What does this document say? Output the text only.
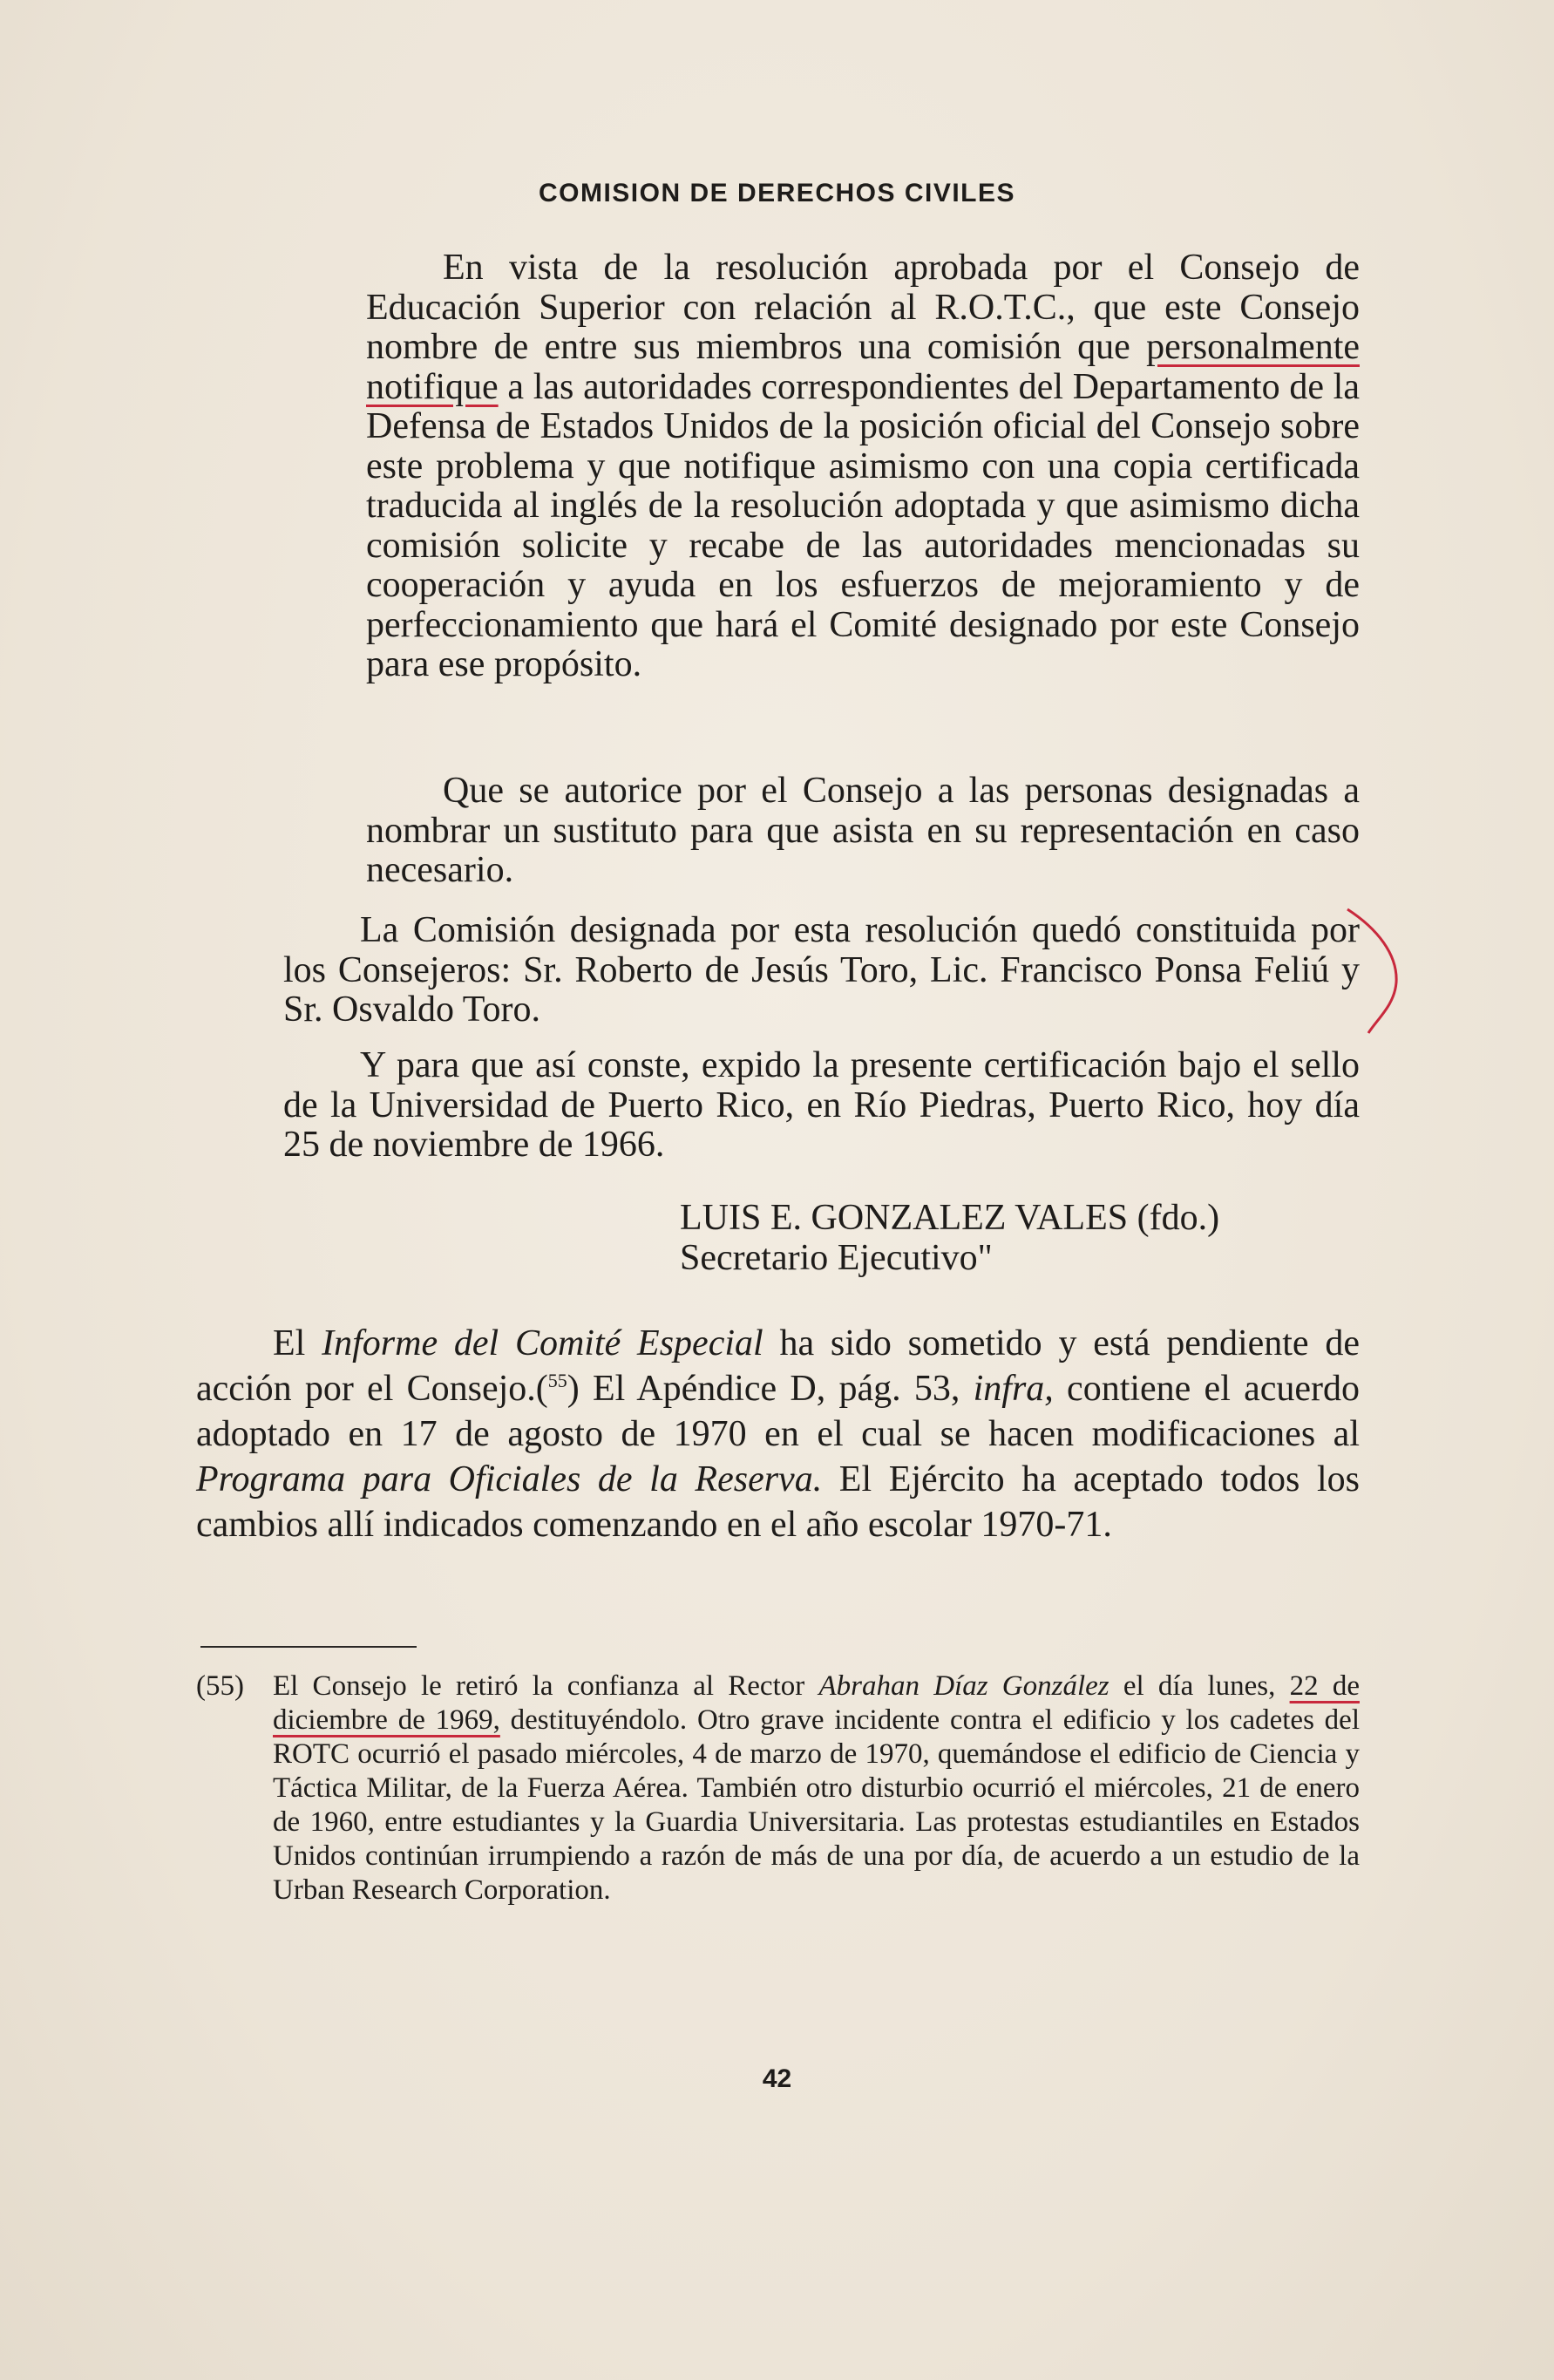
COMISION DE DERECHOS CIVILES

En vista de la resolución aprobada por el Consejo de Educación Superior con relación al R.O.T.C., que este Consejo nombre de entre sus miembros una comisión que personalmente notifique a las autoridades correspondientes del Departamento de la Defensa de Estados Unidos de la posición oficial del Consejo sobre este problema y que notifique asimismo con una copia certificada traducida al inglés de la resolución adoptada y que asimismo dicha comisión solicite y recabe de las autoridades mencionadas su cooperación y ayuda en los esfuerzos de mejoramiento y de perfeccionamiento que hará el Comité designado por este Consejo para ese propósito.

Que se autorice por el Consejo a las personas designadas a nombrar un sustituto para que asista en su representación en caso necesario.

La Comisión designada por esta resolución quedó constituida por los Consejeros: Sr. Roberto de Jesús Toro, Lic. Francisco Ponsa Feliú y Sr. Osvaldo Toro.

Y para que así conste, expido la presente certificación bajo el sello de la Universidad de Puerto Rico, en Río Piedras, Puerto Rico, hoy día 25 de noviembre de 1966.

LUIS E. GONZALEZ VALES (fdo.)
Secretario Ejecutivo"

El Informe del Comité Especial ha sido sometido y está pendiente de acción por el Consejo.($^{55}$) El Apéndice D, pág. 53, infra, contiene el acuerdo adoptado en 17 de agosto de 1970 en el cual se hacen modificaciones al Programa para Oficiales de la Reserva. El Ejército ha aceptado todos los cambios allí indicados comenzando en el año escolar 1970-71.

(55)	El Consejo le retiró la confianza al Rector Abrahan Díaz González el día lunes, 22 de diciembre de 1969, destituyéndolo. Otro grave incidente contra el edificio y los cadetes del ROTC ocurrió el pasado miércoles, 4 de marzo de 1970, quemándose el edificio de Ciencia y Táctica Militar, de la Fuerza Aérea. También otro disturbio ocurrió el miércoles, 21 de enero de 1960, entre estudiantes y la Guardia Universitaria. Las protestas estudiantiles en Estados Unidos continúan irrumpiendo a razón de más de una por día, de acuerdo a un estudio de la Urban Research Corporation.
42
